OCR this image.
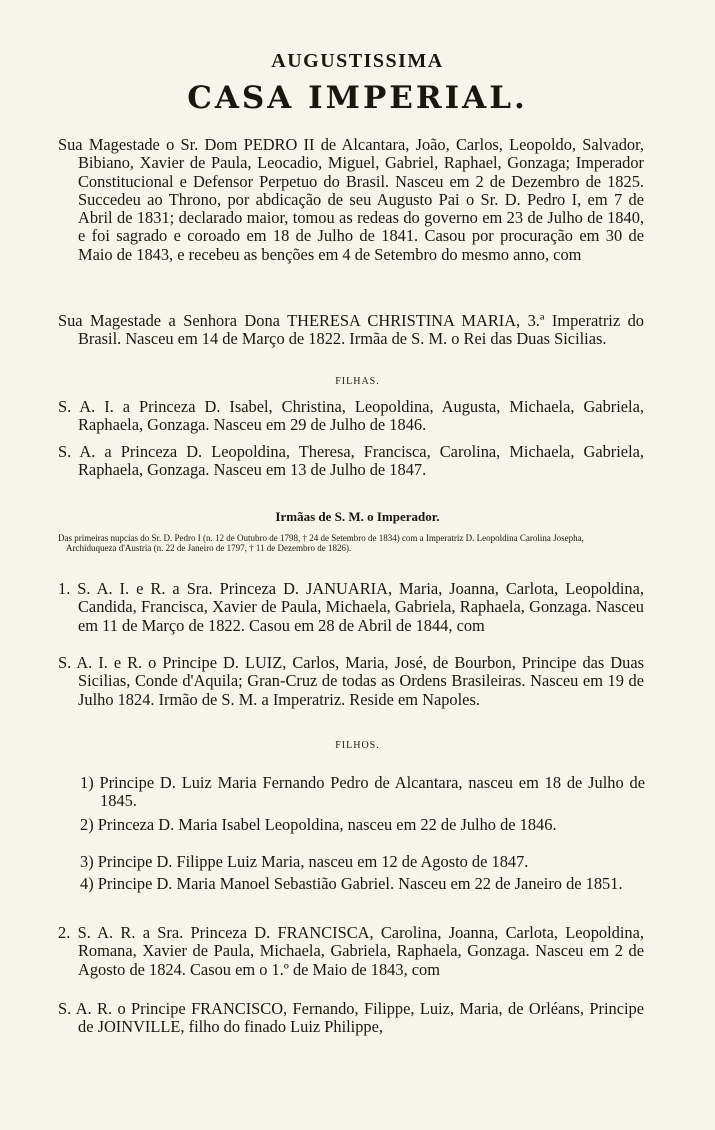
AUGUSTISSIMA
CASA IMPERIAL.

Sua Magestade o Sr. Dom PEDRO II de Alcantara, João, Carlos, Leopoldo, Salvador, Bibiano, Xavier de Paula, Leocadio, Miguel, Gabriel, Raphael, Gonzaga; Imperador Constitucional e Defensor Perpetuo do Brasil. Nasceu em 2 de Dezembro de 1825. Succedeu ao Throno, por abdicação de seu Augusto Pai o Sr. D. Pedro I, em 7 de Abril de 1831; declarado maior, tomou as redeas do governo em 23 de Julho de 1840, e foi sagrado e coroado em 18 de Julho de 1841. Casou por procuração em 30 de Maio de 1843, e recebeu as benções em 4 de Setembro do mesmo anno, com

Sua Magestade a Senhora Dona THERESA CHRISTINA MARIA, 3.ª Imperatriz do Brasil. Nasceu em 14 de Março de 1822. Irmãa de S. M. o Rei das Duas Sicilias.

FILHAS.

S. A. I. a Princeza D. Isabel, Christina, Leopoldina, Augusta, Michaela, Gabriela, Raphaela, Gonzaga. Nasceu em 29 de Julho de 1846.

S. A. a Princeza D. Leopoldina, Theresa, Francisca, Carolina, Michaela, Gabriela, Raphaela, Gonzaga. Nasceu em 13 de Julho de 1847.

Irmãas de S. M. o Imperador.

Das primeiras nupcias do Sr. D. Pedro I (n. 12 de Outubro de 1798, † 24 de Setembro de 1834) com a Imperatriz D. Leopoldina Carolina Josepha, Archiduqueza d'Austria (n. 22 de Janeiro de 1797, † 11 de Dezembro de 1826).

1. S. A. I. e R. a Sra. Princeza D. JANUARIA, Maria, Joanna, Carlota, Leopoldina, Candida, Francisca, Xavier de Paula, Michaela, Gabriela, Raphaela, Gonzaga. Nasceu em 11 de Março de 1822. Casou em 28 de Abril de 1844, com

S. A. I. e R. o Principe D. LUIZ, Carlos, Maria, José, de Bourbon, Principe das Duas Sicilias, Conde d'Aquila; Gran-Cruz de todas as Ordens Brasileiras. Nasceu em 19 de Julho 1824. Irmão de S. M. a Imperatriz. Reside em Napoles.

FILHOS.

1) Principe D. Luiz Maria Fernando Pedro de Alcantara, nasceu em 18 de Julho de 1845.

2) Princeza D. Maria Isabel Leopoldina, nasceu em 22 de Julho de 1846.

3) Principe D. Filippe Luiz Maria, nasceu em 12 de Agosto de 1847.

4) Principe D. Maria Manoel Sebastião Gabriel. Nasceu em 22 de Janeiro de 1851.

2. S. A. R. a Sra. Princeza D. FRANCISCA, Carolina, Joanna, Carlota, Leopoldina, Romana, Xavier de Paula, Michaela, Gabriela, Raphaela, Gonzaga. Nasceu em 2 de Agosto de 1824. Casou em o 1.º de Maio de 1843, com

S. A. R. o Principe FRANCISCO, Fernando, Filippe, Luiz, Maria, de Orléans, Principe de JOINVILLE, filho do finado Luiz Philippe,
